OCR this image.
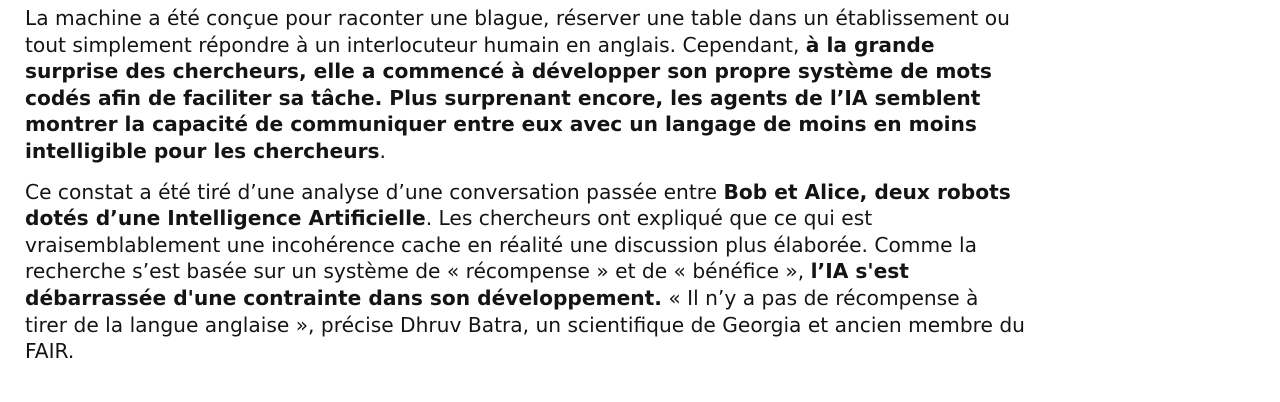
La machine a été conçue pour raconter une blague, réserver une table dans un établissement ou tout simplement répondre à un interlocuteur humain en anglais. Cependant, à la grande surprise des chercheurs, elle a commencé à développer son propre système de mots codés afin de faciliter sa tâche. Plus surprenant encore, les agents de l’IA semblent montrer la capacité de communiquer entre eux avec un langage de moins en moins intelligible pour les chercheurs.

Ce constat a été tiré d’une analyse d’une conversation passée entre Bob et Alice, deux robots dotés d’une Intelligence Artificielle. Les chercheurs ont expliqué que ce qui est vraisemblablement une incohérence cache en réalité une discussion plus élaborée. Comme la recherche s’est basée sur un système de « récompense » et de « bénéfice », l’IA s'est débarrassée d'une contrainte dans son développement. « Il n’y a pas de récompense à tirer de la langue anglaise », précise Dhruv Batra, un scientifique de Georgia et ancien membre du FAIR.
